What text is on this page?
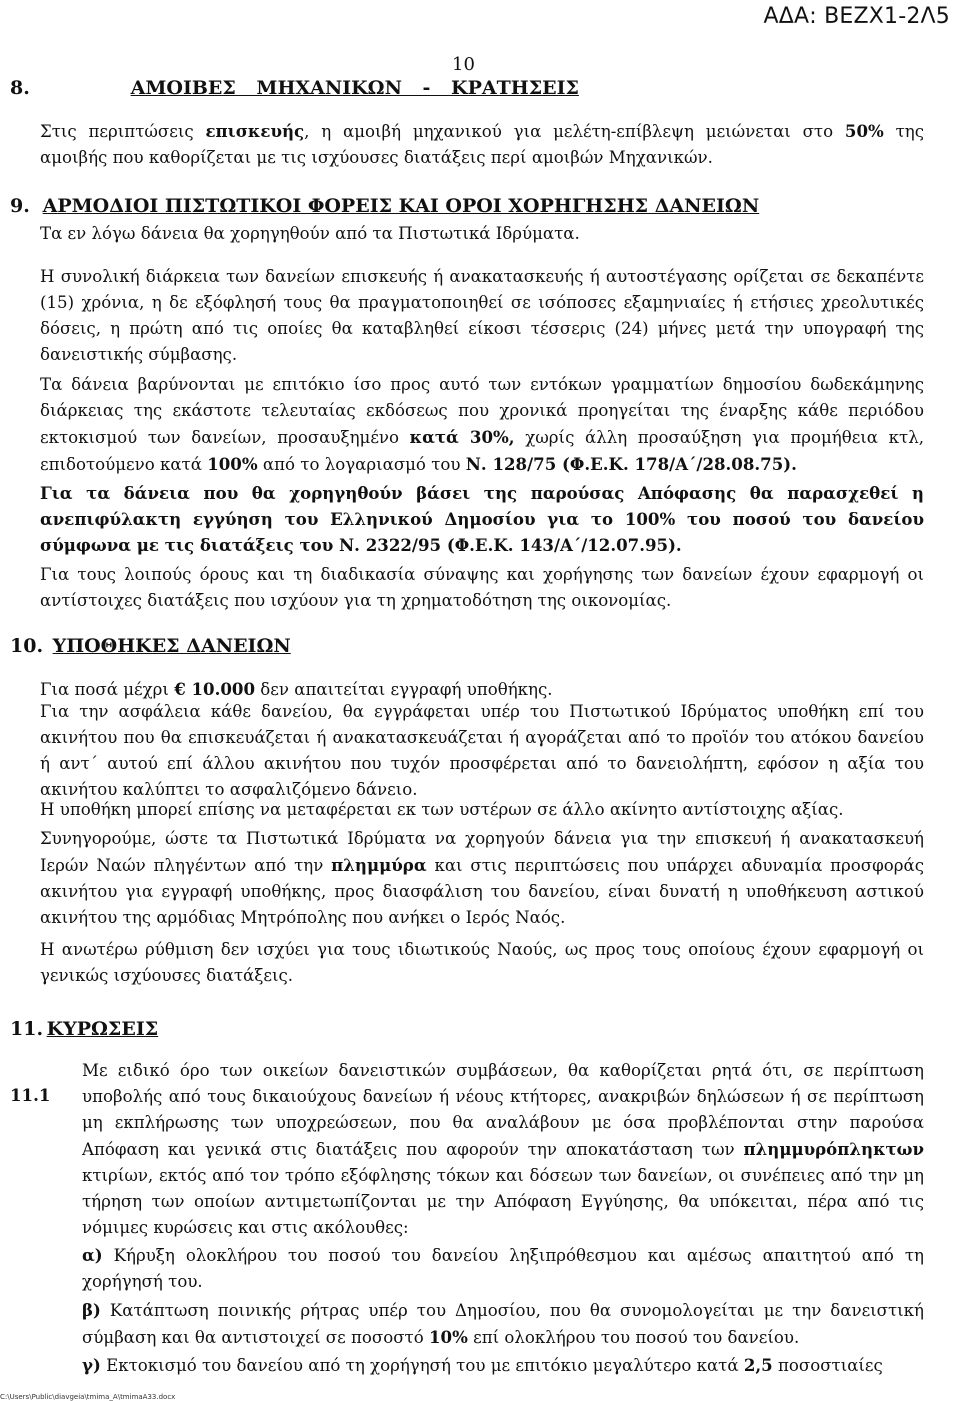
ΑΔΑ: ΒΕΖΧ1-2Λ5
10
8.	ΑΜΟΙΒΕΣ ΜΗΧΑΝΙΚΩΝ - ΚΡΑΤΗΣΕΙΣ

Στις περιπτώσεις επισκευής, η αμοιβή μηχανικού για μελέτη-επίβλεψη μειώνεται στο 50% της αμοιβής που καθορίζεται με τις ισχύουσες διατάξεις περί αμοιβών Μηχανικών.

9. ΑΡΜΟΔΙΟΙ ΠΙΣΤΩΤΙΚΟΙ ΦΟΡΕΙΣ ΚΑΙ ΟΡΟΙ ΧΟΡΗΓΗΣΗΣ ΔΑΝΕΙΩΝ

Τα εν λόγω δάνεια θα χορηγηθούν από τα Πιστωτικά Ιδρύματα.

Η συνολική διάρκεια των δανείων επισκευής ή ανακατασκευής ή αυτοστέγασης ορίζεται σε δεκαπέντε (15) χρόνια, η δε εξόφλησή τους θα πραγματοποιηθεί σε ισόποσες εξαμηνιαίες ή ετήσιες χρεολυτικές δόσεις, η πρώτη από τις οποίες θα καταβληθεί είκοσι τέσσερις (24) μήνες μετά την υπογραφή της δανειστικής σύμβασης.

Τα δάνεια βαρύνονται με επιτόκιο ίσο προς αυτό των εντόκων γραμματίων δημοσίου δωδεκάμηνης διάρκειας της εκάστοτε τελευταίας εκδόσεως που χρονικά προηγείται της έναρξης κάθε περιόδου εκτοκισμού των δανείων, προσαυξημένο κατά 30%, χωρίς άλλη προσαύξηση για προμήθεια κτλ, επιδοτούμενο κατά 100% από το λογαριασμό του Ν. 128/75 (Φ.Ε.Κ. 178/Α΄/28.08.75).

Για τα δάνεια που θα χορηγηθούν βάσει της παρούσας Απόφασης θα παρασχεθεί η ανεπιφύλακτη εγγύηση του Ελληνικού Δημοσίου για το 100% του ποσού του δανείου σύμφωνα με τις διατάξεις του Ν. 2322/95 (Φ.Ε.Κ. 143/Α΄/12.07.95).

Για τους λοιπούς όρους και τη διαδικασία σύναψης και χορήγησης των δανείων έχουν εφαρμογή οι αντίστοιχες διατάξεις που ισχύουν για τη χρηματοδότηση της οικονομίας.

10. ΥΠΟΘΗΚΕΣ ΔΑΝΕΙΩΝ

Για ποσά μέχρι € 10.000 δεν απαιτείται εγγραφή υποθήκης.

Για την ασφάλεια κάθε δανείου, θα εγγράφεται υπέρ του Πιστωτικού Ιδρύματος υποθήκη επί του ακινήτου που θα επισκευάζεται ή ανακατασκευάζεται ή αγοράζεται από το προϊόν του ατόκου δανείου ή αντ΄ αυτού επί άλλου ακινήτου που τυχόν προσφέρεται από το δανειολήπτη, εφόσον η αξία του ακινήτου καλύπτει το ασφαλιζόμενο δάνειο.

Η υποθήκη μπορεί επίσης να μεταφέρεται εκ των υστέρων σε άλλο ακίνητο αντίστοιχης αξίας.

Συνηγορούμε, ώστε τα Πιστωτικά Ιδρύματα να χορηγούν δάνεια για την επισκευή ή ανακατασκευή Ιερών Ναών πληγέντων από την πλημμύρα και στις περιπτώσεις που υπάρχει αδυναμία προσφοράς ακινήτου για εγγραφή υποθήκης, προς διασφάλιση του δανείου, είναι δυνατή η υποθήκευση αστικού ακινήτου της αρμόδιας Μητρόπολης που ανήκει ο Ιερός Ναός.

Η ανωτέρω ρύθμιση δεν ισχύει για τους ιδιωτικούς Ναούς, ως προς τους οποίους έχουν εφαρμογή οι γενικώς ισχύουσες διατάξεις.

11. ΚΥΡΩΣΕΙΣ
11.1

Με ειδικό όρο των οικείων δανειστικών συμβάσεων, θα καθορίζεται ρητά ότι, σε περίπτωση υποβολής από τους δικαιούχους δανείων ή νέους κτήτορες, ανακριβών δηλώσεων ή σε περίπτωση μη εκπλήρωσης των υποχρεώσεων, που θα αναλάβουν με όσα προβλέπονται στην παρούσα Απόφαση και γενικά στις διατάξεις που αφορούν την αποκατάσταση των πλημμυρόπληκτων κτιρίων, εκτός από τον τρόπο εξόφλησης τόκων και δόσεων των δανείων, οι συνέπειες από την μη τήρηση των οποίων αντιμετωπίζονται με την Απόφαση Εγγύησης, θα υπόκειται, πέρα από τις νόμιμες κυρώσεις και στις ακόλουθες:

α) Κήρυξη ολοκλήρου του ποσού του δανείου ληξιπρόθεσμου και αμέσως απαιτητού από τη χορήγησή του.

β) Κατάπτωση ποινικής ρήτρας υπέρ του Δημοσίου, που θα συνομολογείται με την δανειστική σύμβαση και θα αντιστοιχεί σε ποσοστό 10% επί ολοκλήρου του ποσού του δανείου.

γ) Εκτοκισμό του δανείου από τη χορήγησή του με επιτόκιο μεγαλύτερο κατά 2,5 ποσοστιαίες

C:\Users\Public\diavgeia\tmima_A\tmimaA33.docx
